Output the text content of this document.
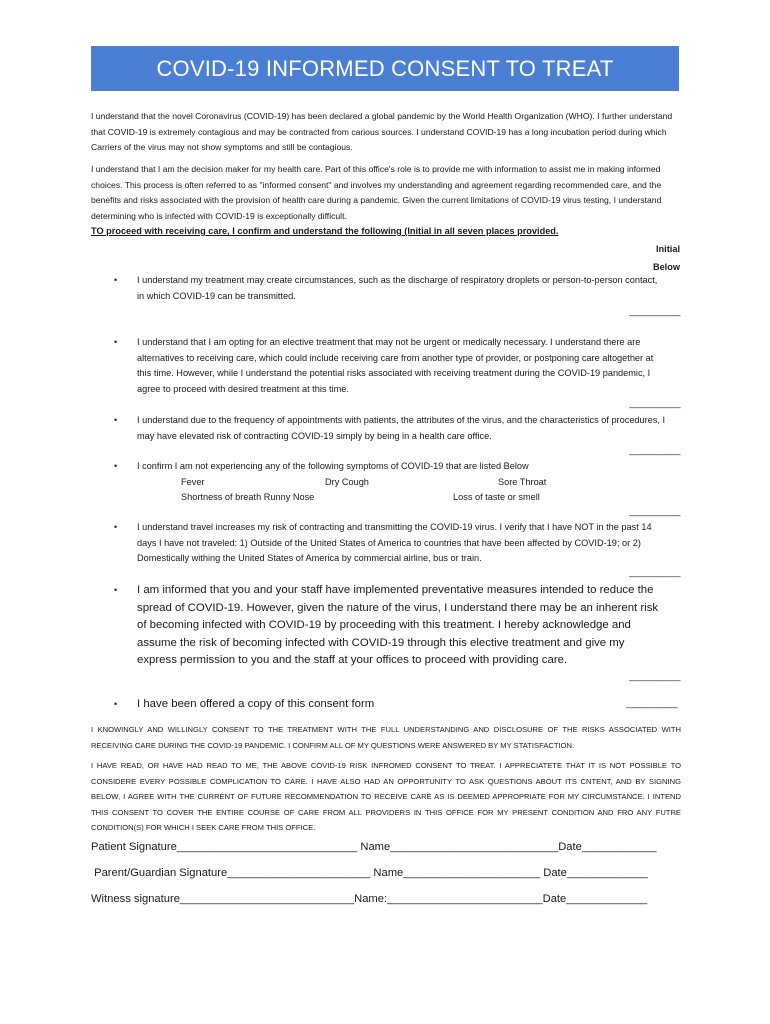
COVID-19 INFORMED CONSENT TO TREAT

I understand that the novel Coronavirus (COVID-19) has been declared a global pandemic by the World Health Organization (WHO). I further understand that COVID-19 is extremely contagious and may be contracted from carious sources. I understand COVID-19 has a long incubation period during which Carriers of the virus may not show symptoms and still be contagious.

I understand that I am the decision maker for my health care. Part of this office's role is to provide me with information to assist me in making informed choices. This process is often referred to as "informed consent" and involves my understanding and agreement regarding recommended care, and the benefits and risks associated with the provision of health care during a pandemic. Given the current limitations of COVID-19 virus testing, I understand determining who is infected with COVID-19 is exceptionally difficult.

TO proceed with receiving care, I confirm and understand the following (Initial in all seven places provided.

Initial
Below
• I understand my treatment may create circumstances, such as the discharge of respiratory droplets or person-to-person contact, in which COVID-19 can be transmitted.
___________
• I understand that I am opting for an elective treatment that may not be urgent or medically necessary. I understand there are alternatives to receiving care, which could include receiving care from another type of provider, or postponing care altogether at this time. However, while I understand the potential risks associated with receiving treatment during the COVID-19 pandemic, I agree to proceed with desired treatment at this time.
___________
• I understand due to the frequency of appointments with patients, the attributes of the virus, and the characteristics of procedures, I may have elevated risk of contracting COVID-19 simply by being in a health care office.
___________
• I confirm I am not experiencing any of the following symptoms of COVID-19 that are listed Below
Fever	Dry Cough	Sore Throat
Shortness of breath Runny Nose	Loss of taste or smell
___________
• I understand travel increases my risk of contracting and transmitting the COVID-19 virus. I verify that I have NOT in the past 14 days I have not traveled: 1) Outside of the United States of America to countries that have been affected by COVID-19; or 2) Domestically withing the United States of America by commercial airline, bus or train.
___________
• I am informed that you and your staff have implemented preventative measures intended to reduce the spread of COVID-19. However, given the nature of the virus, I understand there may be an inherent risk of becoming infected with COVID-19 by proceeding with this treatment. I hereby acknowledge and assume the risk of becoming infected with COVID-19 through this elective treatment and give my express permission to you and the staff at your offices to proceed with providing care.
___________
• I have been offered a copy of this consent form	___________

I KNOWINGLY AND WILLINGLY CONSENT TO THE TREATMENT WITH THE FULL UNDERSTANDING AND DISCLOSURE OF THE RISKS ASSOCIATED WITH RECEIVING CARE DURING THE COVID-19 PANDEMIC. I CONFIRM ALL OF MY QUESTIONS WERE ANSWERED BY MY STATISFACTION.

I HAVE READ, OR HAVE HAD READ TO ME, THE ABOVE COVID-19 RISK INFROMED CONSENT TO TREAT. I APPRECIATETE THAT IT IS NOT POSSIBLE TO CONSIDERE EVERY POSSIBLE COMPLICATION TO CARE. I HAVE ALSO HAD AN OPPORTUNITY TO ASK QUESTIONS ABOUT ITS CNTENT, AND BY SIGNING BELOW, I AGREE WITH THE CURRENT OF FUTURE RECOMMENDATION TO RECEIVE CARE AS IS DEEMED APPROPRIATE FOR MY CIRCUMSTANCE. I INTEND THIS CONSENT TO COVER THE ENTIRE COURSE OF CARE FROM ALL PROVIDERS IN THIS OFFICE FOR MY PRESENT CONDITION AND FRO ANY FUTRE CONDITION(S) FOR WHICH I SEEK CARE FROM THIS OFFICE.

Patient Signature_____________________________ Name___________________________Date____________
Parent/Guardian Signature_______________________ Name______________________ Date_____________
Witness signature____________________________Name:_________________________Date_____________
